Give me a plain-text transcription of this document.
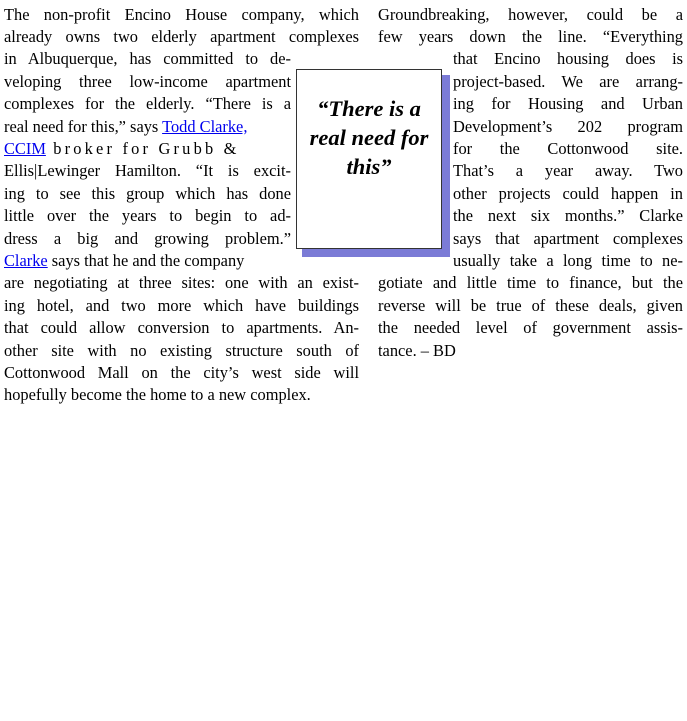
The non-profit Encino House company, which
already owns two elderly apartment complexes
in Albuquerque, has committed to de-
veloping three low-income apartment
complexes for the elderly. “There is a
real need for this,” says Todd Clarke,
CCIM broker for Grubb &
Ellis|Lewinger Hamilton. “It is excit-
ing to see this group which has done
little over the years to begin to ad-
dress a big and growing problem.”
Clarke says that he and the company
are negotiating at three sites: one with an exist-
ing hotel, and two more which have buildings
that could allow conversion to apartments. An-
other site with no existing structure south of
Cottonwood Mall on the city’s west side will
hopefully become the home to a new complex.
“There is a
real need for
this”
Groundbreaking, however, could be a
few years down the line. “Everything
that Encino housing does is
project-based. We are arrang-
ing for Housing and Urban
Development’s 202 program
for the Cottonwood site.
That’s a year away. Two
other projects could happen in
the next six months.” Clarke
says that apartment complexes
usually take a long time to ne-
gotiate and little time to finance, but the
reverse will be true of these deals, given
the needed level of government assis-
tance. – BD
